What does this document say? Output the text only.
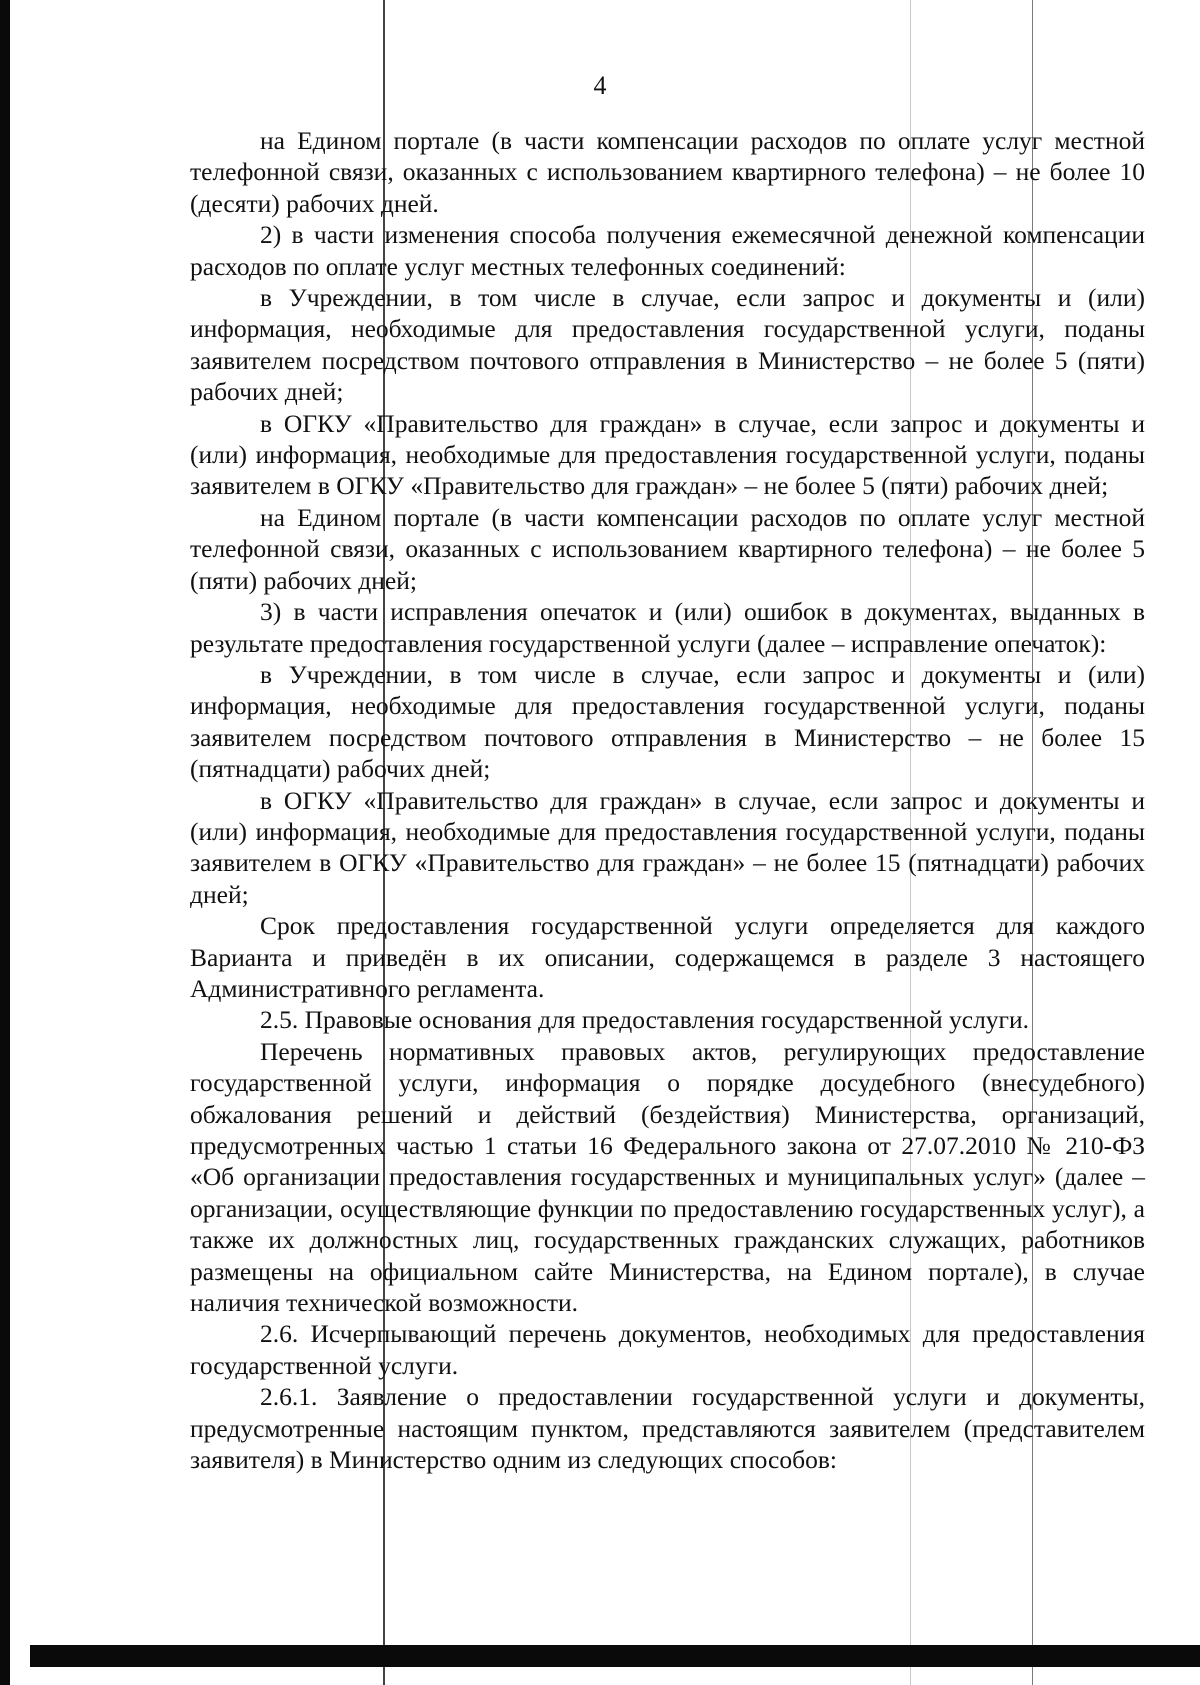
4

на Едином портале (в части компенсации расходов по оплате услуг местной телефонной связи, оказанных с использованием квартирного телефона) – не более 10 (десяти) рабочих дней.

2) в части изменения способа получения ежемесячной денежной компенсации расходов по оплате услуг местных телефонных соединений:

в Учреждении, в том числе в случае, если запрос и документы и (или) информация, необходимые для предоставления государственной услуги, поданы заявителем посредством почтового отправления в Министерство – не более 5 (пяти) рабочих дней;

в ОГКУ «Правительство для граждан» в случае, если запрос и документы и (или) информация, необходимые для предоставления государственной услуги, поданы заявителем в ОГКУ «Правительство для граждан» – не более 5 (пяти) рабочих дней;

на Едином портале (в части компенсации расходов по оплате услуг местной телефонной связи, оказанных с использованием квартирного телефона) – не более 5 (пяти) рабочих дней;

3) в части исправления опечаток и (или) ошибок в документах, выданных в результате предоставления государственной услуги (далее – исправление опечаток):

в Учреждении, в том числе в случае, если запрос и документы и (или) информация, необходимые для предоставления государственной услуги, поданы заявителем посредством почтового отправления в Министерство – не более 15 (пятнадцати) рабочих дней;

в ОГКУ «Правительство для граждан» в случае, если запрос и документы и (или) информация, необходимые для предоставления государственной услуги, поданы заявителем в ОГКУ «Правительство для граждан» – не более 15 (пятнадцати) рабочих дней;

Срок предоставления государственной услуги определяется для каждого Варианта и приведён в их описании, содержащемся в разделе 3 настоящего Административного регламента.

2.5. Правовые основания для предоставления государственной услуги.

Перечень нормативных правовых актов, регулирующих предоставление государственной услуги, информация о порядке досудебного (внесудебного) обжалования решений и действий (бездействия) Министерства, организаций, предусмотренных частью 1 статьи 16 Федерального закона от 27.07.2010 № 210-ФЗ «Об организации предоставления государственных и муниципальных услуг» (далее – организации, осуществляющие функции по предоставлению государственных услуг), а также их должностных лиц, государственных гражданских служащих, работников размещены на официальном сайте Министерства, на Едином портале), в случае наличия технической возможности.

2.6. Исчерпывающий перечень документов, необходимых для предоставления государственной услуги.

2.6.1. Заявление о предоставлении государственной услуги и документы, предусмотренные настоящим пунктом, представляются заявителем (представителем заявителя) в Министерство одним из следующих способов:
